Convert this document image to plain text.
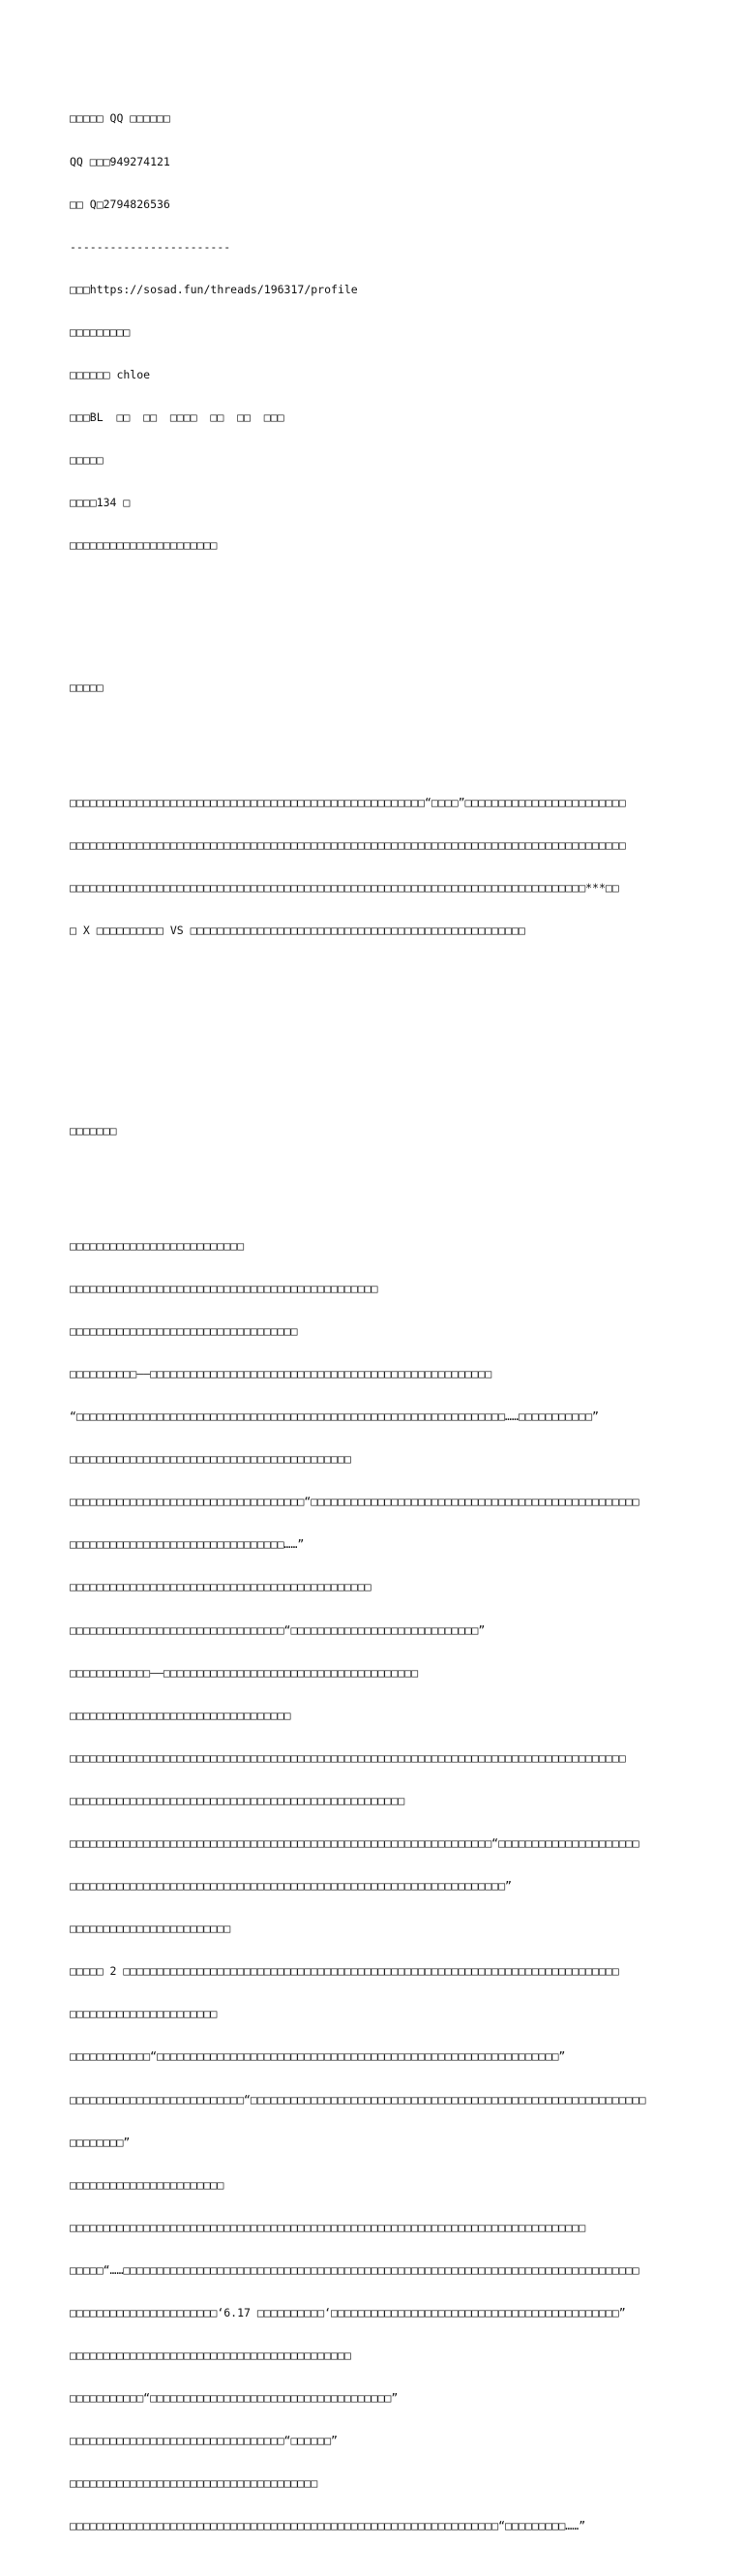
□□□□□ QQ □□□□□□

QQ □□□949274121

□□ Q□2794826536

------------------------

□□□https://sosad.fun/threads/196317/profile

□□□□□□□□□

□□□□□□ chloe

□□□BL  □□  □□  □□□□  □□  □□  □□□

□□□□□

□□□□134 □

□□□□□□□□□□□□□□□□□□□□□□

□□□□□

□□□□□□□□□□□□□□□□□□□□□□□□□□□□□□□□□□□□□□□□□□□□□□□□□□□□□“□□□□”□□□□□□□□□□□□□□□□□□□□□□□□

□□□□□□□□□□□□□□□□□□□□□□□□□□□□□□□□□□□□□□□□□□□□□□□□□□□□□□□□□□□□□□□□□□□□□□□□□□□□□□□□□□□

□□□□□□□□□□□□□□□□□□□□□□□□□□□□□□□□□□□□□□□□□□□□□□□□□□□□□□□□□□□□□□□□□□□□□□□□□□□□□***□□

□ X □□□□□□□□□□ VS □□□□□□□□□□□□□□□□□□□□□□□□□□□□□□□□□□□□□□□□□□□□□□□□□□

□□□□□□□

□□□□□□□□□□□□□□□□□□□□□□□□□□

□□□□□□□□□□□□□□□□□□□□□□□□□□□□□□□□□□□□□□□□□□□□□□

□□□□□□□□□□□□□□□□□□□□□□□□□□□□□□□□□□

□□□□□□□□□□——□□□□□□□□□□□□□□□□□□□□□□□□□□□□□□□□□□□□□□□□□□□□□□□□□□□

“□□□□□□□□□□□□□□□□□□□□□□□□□□□□□□□□□□□□□□□□□□□□□□□□□□□□□□□□□□□□□□□□……□□□□□□□□□□□”

□□□□□□□□□□□□□□□□□□□□□□□□□□□□□□□□□□□□□□□□□□

□□□□□□□□□□□□□□□□□□□□□□□□□□□□□□□□□□□“□□□□□□□□□□□□□□□□□□□□□□□□□□□□□□□□□□□□□□□□□□□□□□□□□

□□□□□□□□□□□□□□□□□□□□□□□□□□□□□□□□……”

□□□□□□□□□□□□□□□□□□□□□□□□□□□□□□□□□□□□□□□□□□□□□

□□□□□□□□□□□□□□□□□□□□□□□□□□□□□□□□“□□□□□□□□□□□□□□□□□□□□□□□□□□□□”

□□□□□□□□□□□□——□□□□□□□□□□□□□□□□□□□□□□□□□□□□□□□□□□□□□□

□□□□□□□□□□□□□□□□□□□□□□□□□□□□□□□□□

□□□□□□□□□□□□□□□□□□□□□□□□□□□□□□□□□□□□□□□□□□□□□□□□□□□□□□□□□□□□□□□□□□□□□□□□□□□□□□□□□□□

□□□□□□□□□□□□□□□□□□□□□□□□□□□□□□□□□□□□□□□□□□□□□□□□□□

□□□□□□□□□□□□□□□□□□□□□□□□□□□□□□□□□□□□□□□□□□□□□□□□□□□□□□□□□□□□□□□“□□□□□□□□□□□□□□□□□□□□□

□□□□□□□□□□□□□□□□□□□□□□□□□□□□□□□□□□□□□□□□□□□□□□□□□□□□□□□□□□□□□□□□□”

□□□□□□□□□□□□□□□□□□□□□□□□

□□□□□ 2 □□□□□□□□□□□□□□□□□□□□□□□□□□□□□□□□□□□□□□□□□□□□□□□□□□□□□□□□□□□□□□□□□□□□□□□□□□

□□□□□□□□□□□□□□□□□□□□□□

□□□□□□□□□□□□“□□□□□□□□□□□□□□□□□□□□□□□□□□□□□□□□□□□□□□□□□□□□□□□□□□□□□□□□□□□□”

□□□□□□□□□□□□□□□□□□□□□□□□□□“□□□□□□□□□□□□□□□□□□□□□□□□□□□□□□□□□□□□□□□□□□□□□□□□□□□□□□□□□□□

□□□□□□□□”

□□□□□□□□□□□□□□□□□□□□□□□

□□□□□□□□□□□□□□□□□□□□□□□□□□□□□□□□□□□□□□□□□□□□□□□□□□□□□□□□□□□□□□□□□□□□□□□□□□□□□

□□□□□“……□□□□□□□□□□□□□□□□□□□□□□□□□□□□□□□□□□□□□□□□□□□□□□□□□□□□□□□□□□□□□□□□□□□□□□□□□□□□□

□□□□□□□□□□□□□□□□□□□□□□‘6.17 □□□□□□□□□□‘□□□□□□□□□□□□□□□□□□□□□□□□□□□□□□□□□□□□□□□□□□□”

□□□□□□□□□□□□□□□□□□□□□□□□□□□□□□□□□□□□□□□□□□

□□□□□□□□□□□“□□□□□□□□□□□□□□□□□□□□□□□□□□□□□□□□□□□□”

□□□□□□□□□□□□□□□□□□□□□□□□□□□□□□□□“□□□□□□”

□□□□□□□□□□□□□□□□□□□□□□□□□□□□□□□□□□□□□

□□□□□□□□□□□□□□□□□□□□□□□□□□□□□□□□□□□□□□□□□□□□□□□□□□□□□□□□□□□□□□□□“□□□□□□□□□……”
